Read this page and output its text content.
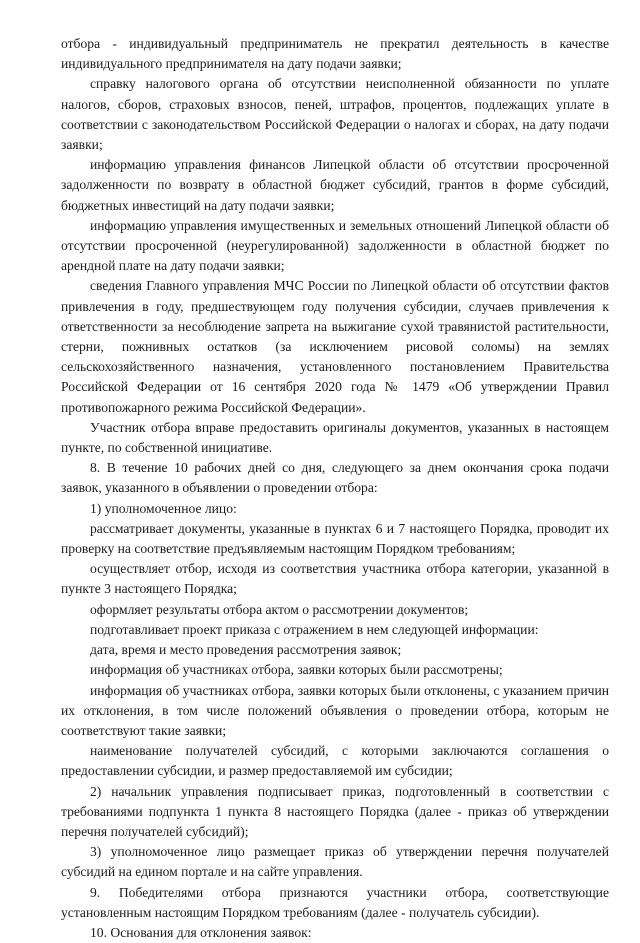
отбора - индивидуальный предприниматель не прекратил деятельность в качестве индивидуального предпринимателя на дату подачи заявки;

справку налогового органа об отсутствии неисполненной обязанности по уплате налогов, сборов, страховых взносов, пеней, штрафов, процентов, подлежащих уплате в соответствии с законодательством Российской Федерации о налогах и сборах, на дату подачи заявки;

информацию управления финансов Липецкой области об отсутствии просроченной задолженности по возврату в областной бюджет субсидий, грантов в форме субсидий, бюджетных инвестиций на дату подачи заявки;

информацию управления имущественных и земельных отношений Липецкой области об отсутствии просроченной (неурегулированной) задолженности в областной бюджет по арендной плате на дату подачи заявки;

сведения Главного управления МЧС России по Липецкой области об отсутствии фактов привлечения в году, предшествующем году получения субсидии, случаев привлечения к ответственности за несоблюдение запрета на выжигание сухой травянистой растительности, стерни, пожнивных остатков (за исключением рисовой соломы) на землях сельскохозяйственного назначения, установленного постановлением Правительства Российской Федерации от 16 сентября 2020 года № 1479 «Об утверждении Правил противопожарного режима Российской Федерации».

Участник отбора вправе предоставить оригиналы документов, указанных в настоящем пункте, по собственной инициативе.

8. В течение 10 рабочих дней со дня, следующего за днем окончания срока подачи заявок, указанного в объявлении о проведении отбора:

1) уполномоченное лицо:

рассматривает документы, указанные в пунктах 6 и 7 настоящего Порядка, проводит их проверку на соответствие предъявляемым настоящим Порядком требованиям;

осуществляет отбор, исходя из соответствия участника отбора категории, указанной в пункте 3 настоящего Порядка;

оформляет результаты отбора актом о рассмотрении документов;

подготавливает проект приказа с отражением в нем следующей информации:

дата, время и место проведения рассмотрения заявок;

информация об участниках отбора, заявки которых были рассмотрены;

информация об участниках отбора, заявки которых были отклонены, с указанием причин их отклонения, в том числе положений объявления о проведении отбора, которым не соответствуют такие заявки;

наименование получателей субсидий, с которыми заключаются соглашения о предоставлении субсидии, и размер предоставляемой им субсидии;

2) начальник управления подписывает приказ, подготовленный в соответствии с требованиями подпункта 1 пункта 8 настоящего Порядка (далее - приказ об утверждении перечня получателей субсидий);

3) уполномоченное лицо размещает приказ об утверждении перечня получателей субсидий на едином портале и на сайте управления.

9. Победителями отбора признаются участники отбора, соответствующие установленным настоящим Порядком требованиям (далее - получатель субсидии).

10. Основания для отклонения заявок:
